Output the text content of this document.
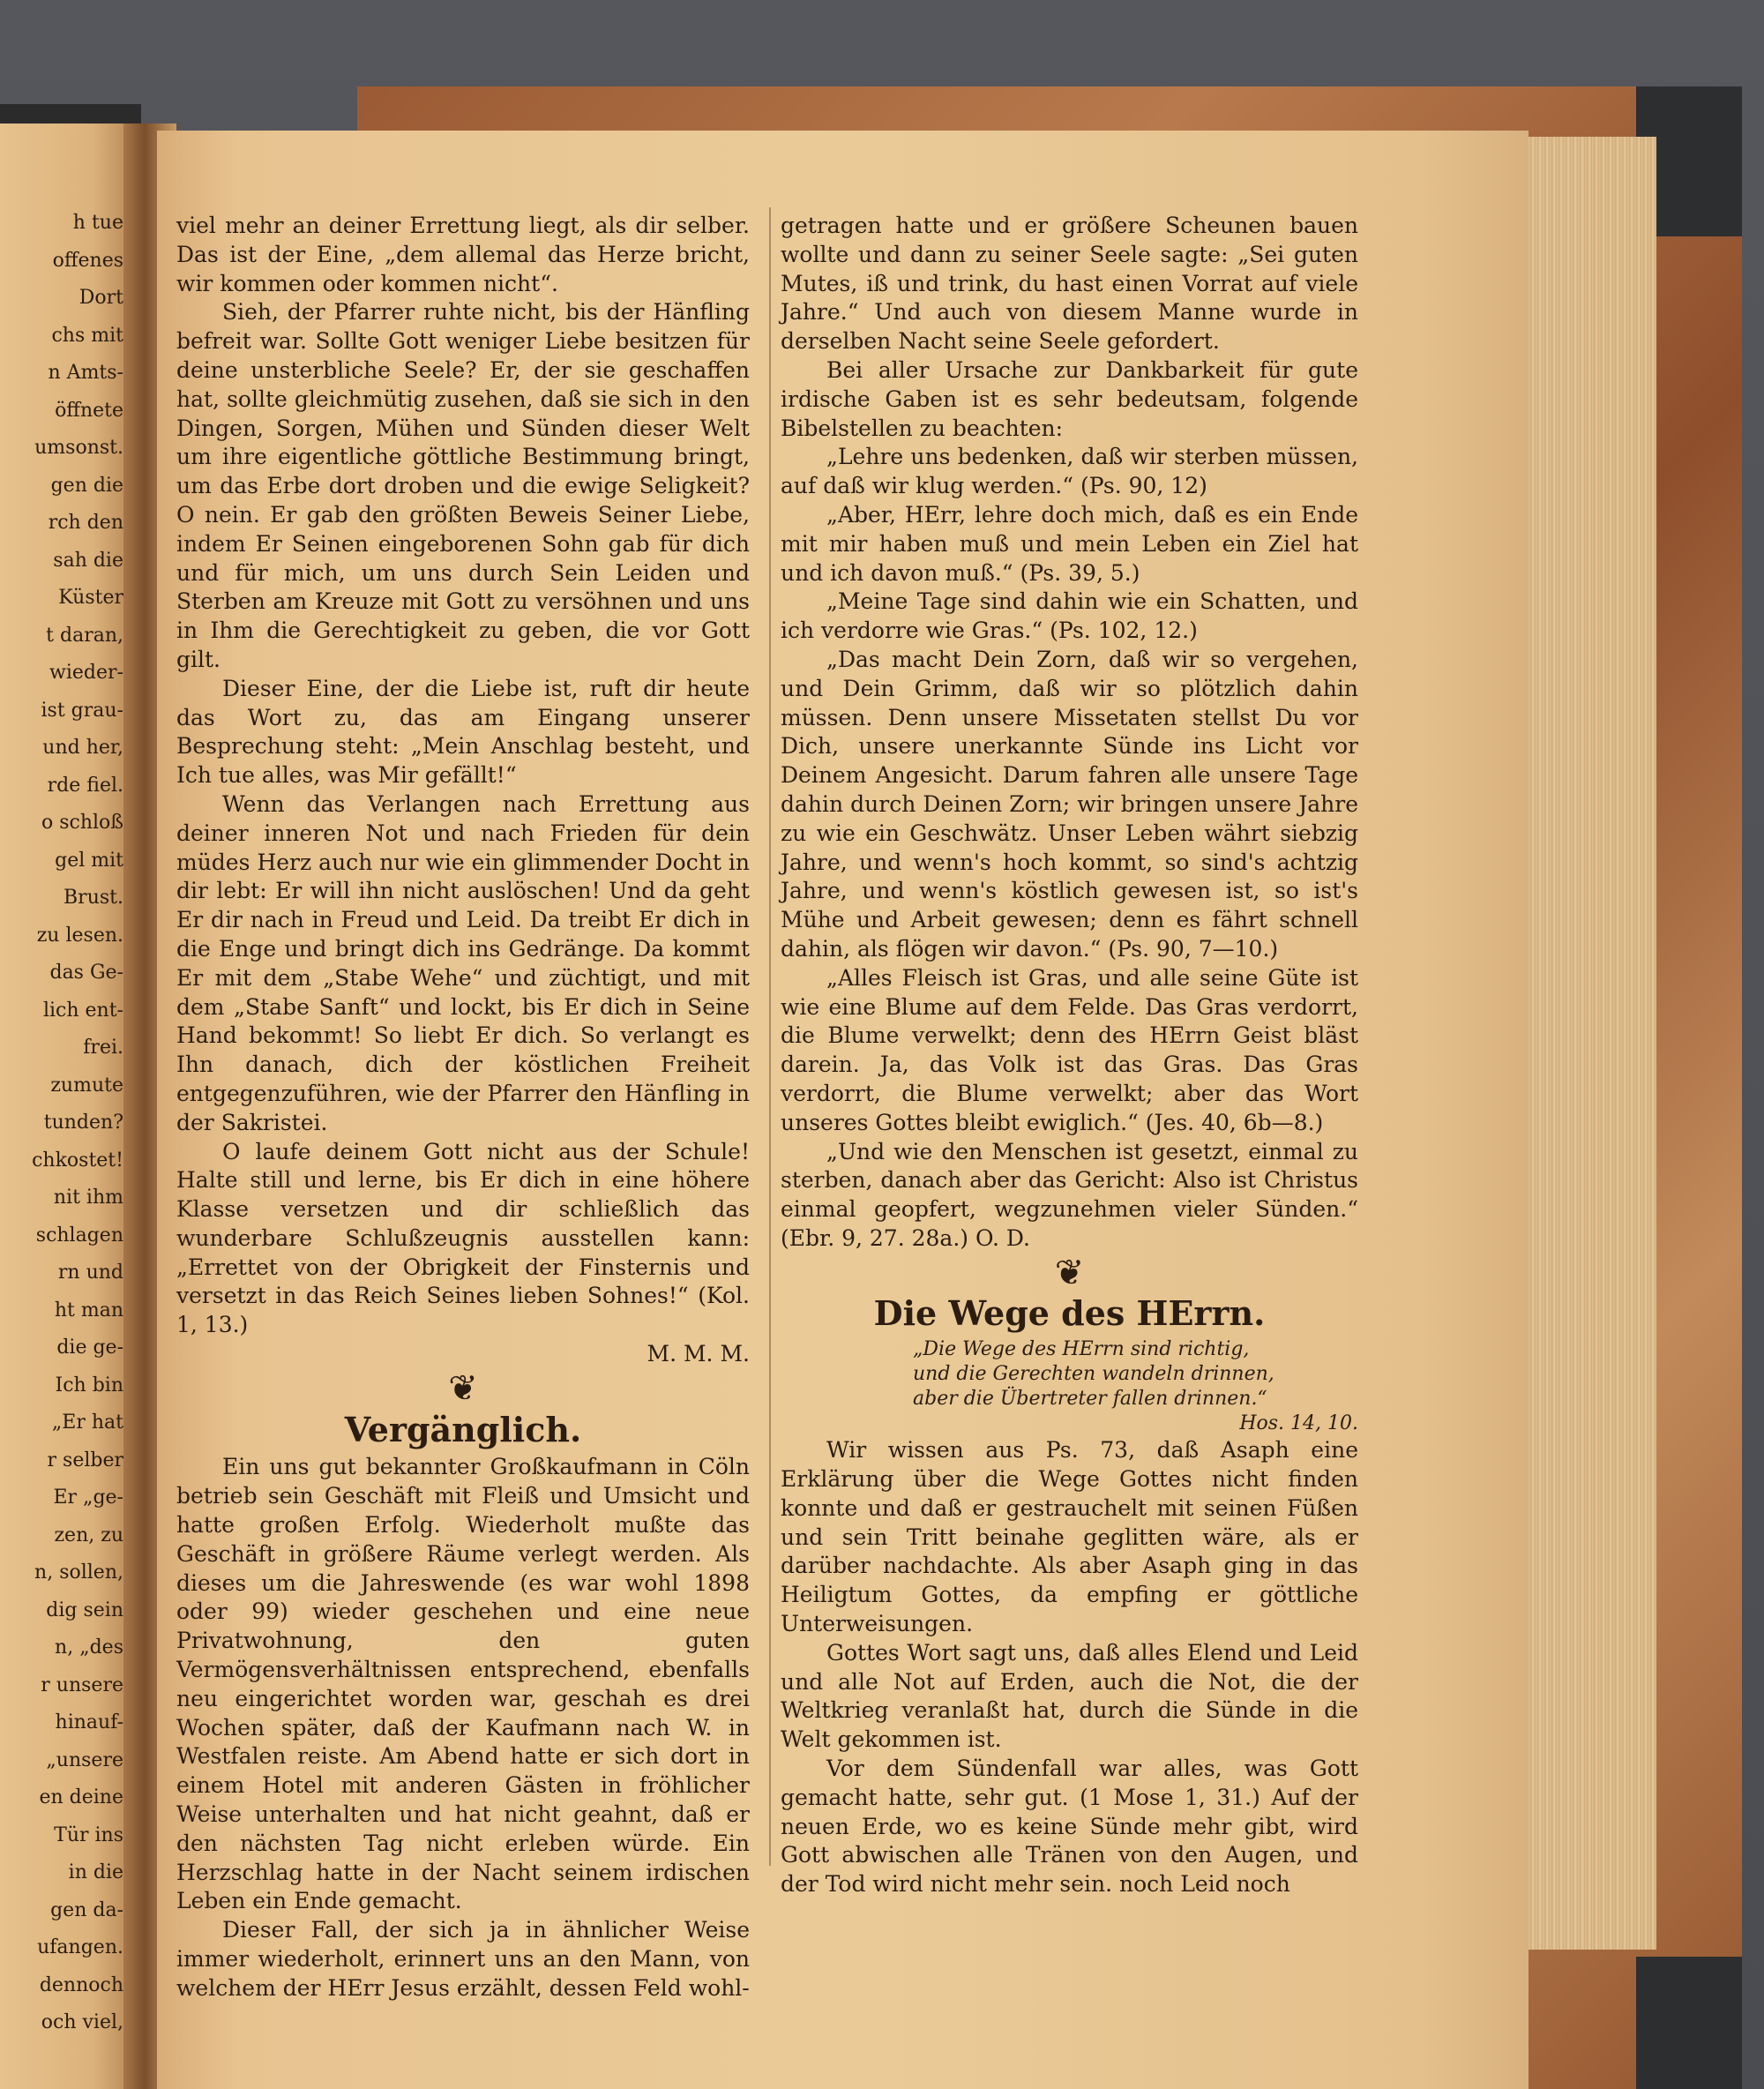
h tue
offenes
Dort
chs mit
n Amts-
öffnete
umsonst.
gen die
rch den
sah die
Küster
t daran,
wieder-
ist grau-
und her,
rde fiel.
o schloß
gel mit
Brust.
zu lesen.
das Ge-
lich ent-
frei.
zumute
tunden?
chkostet!
nit ihm
schlagen
rn und
ht man
die ge-
Ich bin
„Er hat
r selber
Er „ge-
zen, zu
n, sollen,
dig sein
n, „des
r unsere
hinauf-
„unsere
en deine
Tür ins
in die
gen da-
ufangen.
dennoch
och viel,

viel mehr an deiner Errettung liegt, als dir selber. Das ist der Eine, „dem allemal das Herze bricht, wir kommen oder kommen nicht“.

Sieh, der Pfarrer ruhte nicht, bis der Hänfling befreit war. Sollte Gott weniger Liebe besitzen für deine unsterbliche Seele? Er, der sie geschaffen hat, sollte gleichmütig zusehen, daß sie sich in den Dingen, Sorgen, Mühen und Sünden dieser Welt um ihre eigentliche göttliche Bestimmung bringt, um das Erbe dort droben und die ewige Seligkeit? O nein. Er gab den größten Beweis Seiner Liebe, indem Er Seinen eingeborenen Sohn gab für dich und für mich, um uns durch Sein Leiden und Sterben am Kreuze mit Gott zu versöhnen und uns in Ihm die Gerechtigkeit zu geben, die vor Gott gilt.

Dieser Eine, der die Liebe ist, ruft dir heute das Wort zu, das am Eingang unserer Besprechung steht: „Mein Anschlag besteht, und Ich tue alles, was Mir gefällt!“

Wenn das Verlangen nach Errettung aus deiner inneren Not und nach Frieden für dein müdes Herz auch nur wie ein glimmender Docht in dir lebt: Er will ihn nicht auslöschen! Und da geht Er dir nach in Freud und Leid. Da treibt Er dich in die Enge und bringt dich ins Gedränge. Da kommt Er mit dem „Stabe Wehe“ und züchtigt, und mit dem „Stabe Sanft“ und lockt, bis Er dich in Seine Hand bekommt! So liebt Er dich. So verlangt es Ihn danach, dich der köstlichen Freiheit entgegenzuführen, wie der Pfarrer den Hänfling in der Sakristei.

O laufe deinem Gott nicht aus der Schule! Halte still und lerne, bis Er dich in eine höhere Klasse versetzen und dir schließlich das wunderbare Schlußzeugnis ausstellen kann: „Errettet von der Obrigkeit der Finsternis und versetzt in das Reich Seines lieben Sohnes!“ (Kol. 1, 13.)

M. M. M.

❦
Vergänglich.

Ein uns gut bekannter Großkaufmann in Cöln betrieb sein Geschäft mit Fleiß und Umsicht und hatte großen Erfolg. Wiederholt mußte das Geschäft in größere Räume verlegt werden. Als dieses um die Jahreswende (es war wohl 1898 oder 99) wieder geschehen und eine neue Privatwohnung, den guten Vermögensverhältnissen entsprechend, ebenfalls neu eingerichtet worden war, geschah es drei Wochen später, daß der Kaufmann nach W. in Westfalen reiste. Am Abend hatte er sich dort in einem Hotel mit anderen Gästen in fröhlicher Weise unterhalten und hat nicht geahnt, daß er den nächsten Tag nicht erleben würde. Ein Herzschlag hatte in der Nacht seinem irdischen Leben ein Ende gemacht.

Dieser Fall, der sich ja in ähnlicher Weise immer wiederholt, erinnert uns an den Mann, von welchem der HErr Jesus erzählt, dessen Feld wohl-

getragen hatte und er größere Scheunen bauen wollte und dann zu seiner Seele sagte: „Sei guten Mutes, iß und trink, du hast einen Vorrat auf viele Jahre.“ Und auch von diesem Manne wurde in derselben Nacht seine Seele gefordert.

Bei aller Ursache zur Dankbarkeit für gute irdische Gaben ist es sehr bedeutsam, folgende Bibelstellen zu beachten:

„Lehre uns bedenken, daß wir sterben müssen, auf daß wir klug werden.“ (Ps. 90, 12)

„Aber, HErr, lehre doch mich, daß es ein Ende mit mir haben muß und mein Leben ein Ziel hat und ich davon muß.“ (Ps. 39, 5.)

„Meine Tage sind dahin wie ein Schatten, und ich verdorre wie Gras.“ (Ps. 102, 12.)

„Das macht Dein Zorn, daß wir so vergehen, und Dein Grimm, daß wir so plötzlich dahin müssen. Denn unsere Missetaten stellst Du vor Dich, unsere unerkannte Sünde ins Licht vor Deinem Angesicht. Darum fahren alle unsere Tage dahin durch Deinen Zorn; wir bringen unsere Jahre zu wie ein Geschwätz. Unser Leben währt siebzig Jahre, und wenn's hoch kommt, so sind's achtzig Jahre, und wenn's köstlich gewesen ist, so ist's Mühe und Arbeit gewesen; denn es fährt schnell dahin, als flögen wir davon.“ (Ps. 90, 7—10.)

„Alles Fleisch ist Gras, und alle seine Güte ist wie eine Blume auf dem Felde. Das Gras verdorrt, die Blume verwelkt; denn des HErrn Geist bläst darein. Ja, das Volk ist das Gras. Das Gras verdorrt, die Blume verwelkt; aber das Wort unseres Gottes bleibt ewiglich.“ (Jes. 40, 6b—8.)

„Und wie den Menschen ist gesetzt, einmal zu sterben, danach aber das Gericht: Also ist Christus einmal geopfert, wegzunehmen vieler Sünden.“ (Ebr. 9, 27. 28a.) O. D.

❦
Die Wege des HErrn.
„Die Wege des HErrn sind richtig,
und die Gerechten wandeln drinnen,
aber die Übertreter fallen drinnen.“
Hos. 14, 10.

Wir wissen aus Ps. 73, daß Asaph eine Erklärung über die Wege Gottes nicht finden konnte und daß er gestrauchelt mit seinen Füßen und sein Tritt beinahe geglitten wäre, als er darüber nachdachte. Als aber Asaph ging in das Heiligtum Gottes, da empfing er göttliche Unterweisungen.

Gottes Wort sagt uns, daß alles Elend und Leid und alle Not auf Erden, auch die Not, die der Weltkrieg veranlaßt hat, durch die Sünde in die Welt gekommen ist.

Vor dem Sündenfall war alles, was Gott gemacht hatte, sehr gut. (1 Mose 1, 31.) Auf der neuen Erde, wo es keine Sünde mehr gibt, wird Gott abwischen alle Tränen von den Augen, und der Tod wird nicht mehr sein. noch Leid noch
